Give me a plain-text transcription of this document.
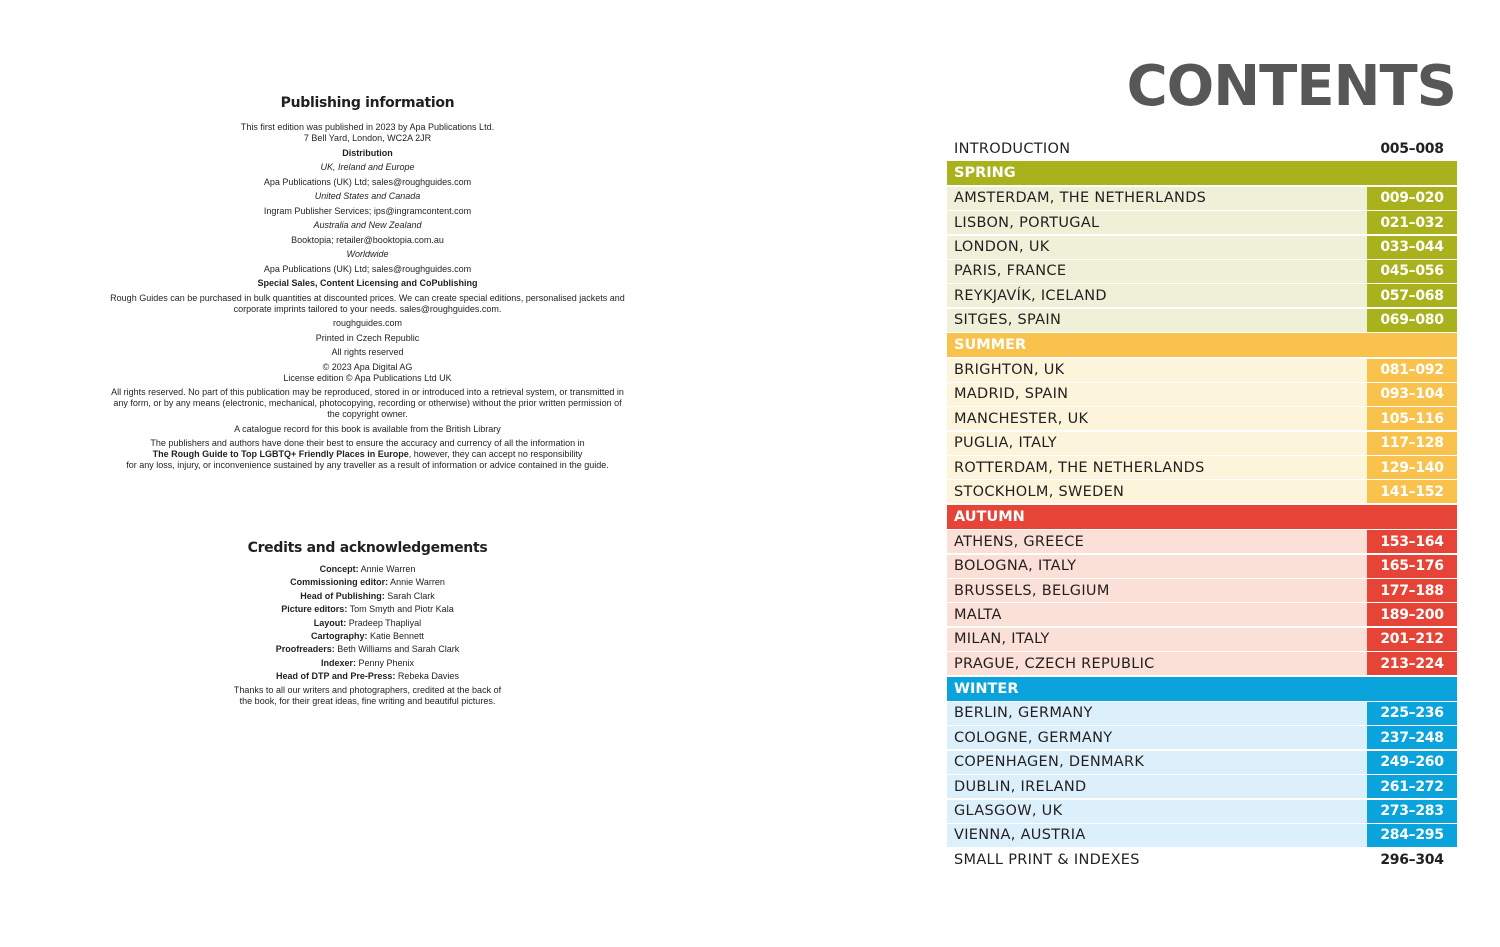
Publishing information
This first edition was published in 2023 by Apa Publications Ltd.
7 Bell Yard, London, WC2A 2JR
Distribution
UK, Ireland and Europe
Apa Publications (UK) Ltd; sales@roughguides.com
United States and Canada
Ingram Publisher Services; ips@ingramcontent.com
Australia and New Zealand
Booktopia; retailer@booktopia.com.au
Worldwide
Apa Publications (UK) Ltd; sales@roughguides.com
Special Sales, Content Licensing and CoPublishing
Rough Guides can be purchased in bulk quantities at discounted prices. We can create special editions, personalised jackets and
corporate imprints tailored to your needs. sales@roughguides.com.
roughguides.com
Printed in Czech Republic
All rights reserved
© 2023 Apa Digital AG
License edition © Apa Publications Ltd UK
All rights reserved. No part of this publication may be reproduced, stored in or introduced into a retrieval system, or transmitted in
any form, or by any means (electronic, mechanical, photocopying, recording or otherwise) without the prior written permission of
the copyright owner.
A catalogue record for this book is available from the British Library
The publishers and authors have done their best to ensure the accuracy and currency of all the information in
The Rough Guide to Top LGBTQ+ Friendly Places in Europe, however, they can accept no responsibility
for any loss, injury, or inconvenience sustained by any traveller as a result of information or advice contained in the guide.
Credits and acknowledgements
Concept: Annie Warren
Commissioning editor: Annie Warren
Head of Publishing: Sarah Clark
Picture editors: Tom Smyth and Piotr Kala
Layout: Pradeep Thapliyal
Cartography: Katie Bennett
Proofreaders: Beth Williams and Sarah Clark
Indexer: Penny Phenix
Head of DTP and Pre-Press: Rebeka Davies
Thanks to all our writers and photographers, credited at the back of
the book, for their great ideas, fine writing and beautiful pictures.
CONTENTS
INTRODUCTION	005–008
SPRING
AMSTERDAM, THE NETHERLANDS	009–020
LISBON, PORTUGAL	021–032
LONDON, UK	033–044
PARIS, FRANCE	045–056
REYKJAVÍK, ICELAND	057–068
SITGES, SPAIN	069–080
SUMMER
BRIGHTON, UK	081–092
MADRID, SPAIN	093–104
MANCHESTER, UK	105–116
PUGLIA, ITALY	117–128
ROTTERDAM, THE NETHERLANDS	129–140
STOCKHOLM, SWEDEN	141–152
AUTUMN
ATHENS, GREECE	153–164
BOLOGNA, ITALY	165–176
BRUSSELS, BELGIUM	177–188
MALTA	189–200
MILAN, ITALY	201–212
PRAGUE, CZECH REPUBLIC	213–224
WINTER
BERLIN, GERMANY	225–236
COLOGNE, GERMANY	237–248
COPENHAGEN, DENMARK	249–260
DUBLIN, IRELAND	261–272
GLASGOW, UK	273–283
VIENNA, AUSTRIA	284–295
SMALL PRINT & INDEXES	296–304
